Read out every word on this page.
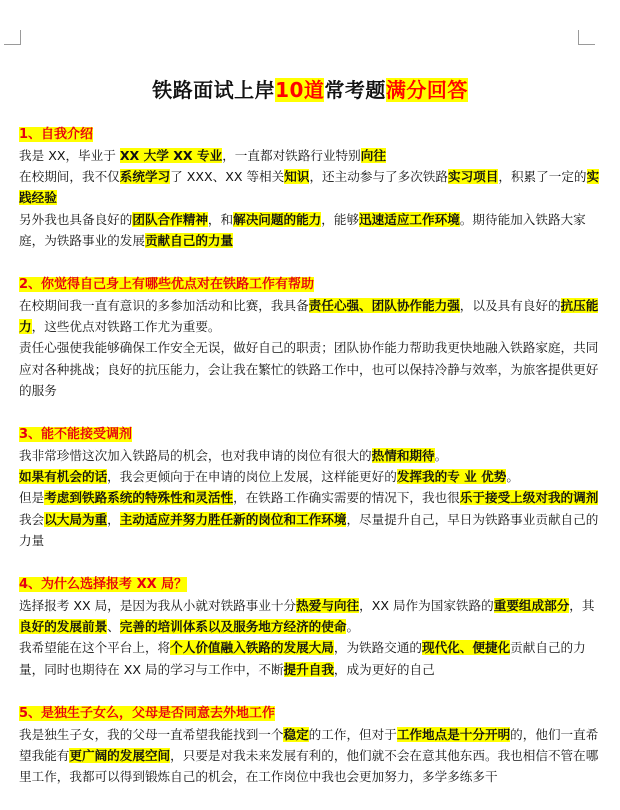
铁路面试上岸10道常考题满分回答
1、自我介绍
我是 XX，毕业于 XX 大学 XX 专业，一直都对铁路行业特别向往
在校期间，我不仅系统学习了 XXX、XX 等相关知识，还主动参与了多次铁路实习项目，积累了一定的实践经验
另外我也具备良好的团队合作精神，和解决问题的能力，能够迅速适应工作环境。期待能加入铁路大家庭，为铁路事业的发展贡献自己的力量
2、你觉得自己身上有哪些优点对在铁路工作有帮助
在校期间我一直有意识的多参加活动和比赛，我具备责任心强、团队协作能力强，以及具有良好的抗压能力，这些优点对铁路工作尤为重要。
责任心强使我能够确保工作安全无误，做好自己的职责；团队协作能力帮助我更快地融入铁路家庭，共同应对各种挑战；良好的抗压能力，会让我在繁忙的铁路工作中，也可以保持冷静与效率，为旅客提供更好的服务
3、能不能接受调剂
我非常珍惜这次加入铁路局的机会，也对我申请的岗位有很大的热情和期待。
如果有机会的话，我会更倾向于在申请的岗位上发展，这样能更好的发挥我的专 业 优势。
但是考虑到铁路系统的特殊性和灵活性，在铁路工作确实需要的情况下，我也很乐于接受上级对我的调剂
我会以大局为重，主动适应并努力胜任新的岗位和工作环境，尽量提升自己，早日为铁路事业贡献自己的力量
4、为什么选择报考 XX 局？
选择报考 XX 局，是因为我从小就对铁路事业十分热爱与向往，XX 局作为国家铁路的重要组成部分，其良好的发展前景、完善的培训体系以及服务地方经济的使命。
我希望能在这个平台上，将个人价值融入铁路的发展大局，为铁路交通的现代化、便捷化贡献自己的力量，同时也期待在 XX 局的学习与工作中，不断提升自我，成为更好的自己
5、是独生子女么，父母是否同意去外地工作
我是独生子女，我的父母一直希望我能找到一个稳定的工作，但对于工作地点是十分开明的，他们一直希望我能有更广阔的发展空间，只要是对我未来发展有利的，他们就不会在意其他东西。我也相信不管在哪里工作，我都可以得到锻炼自己的机会，在工作岗位中我也会更加努力，多学多练多干
